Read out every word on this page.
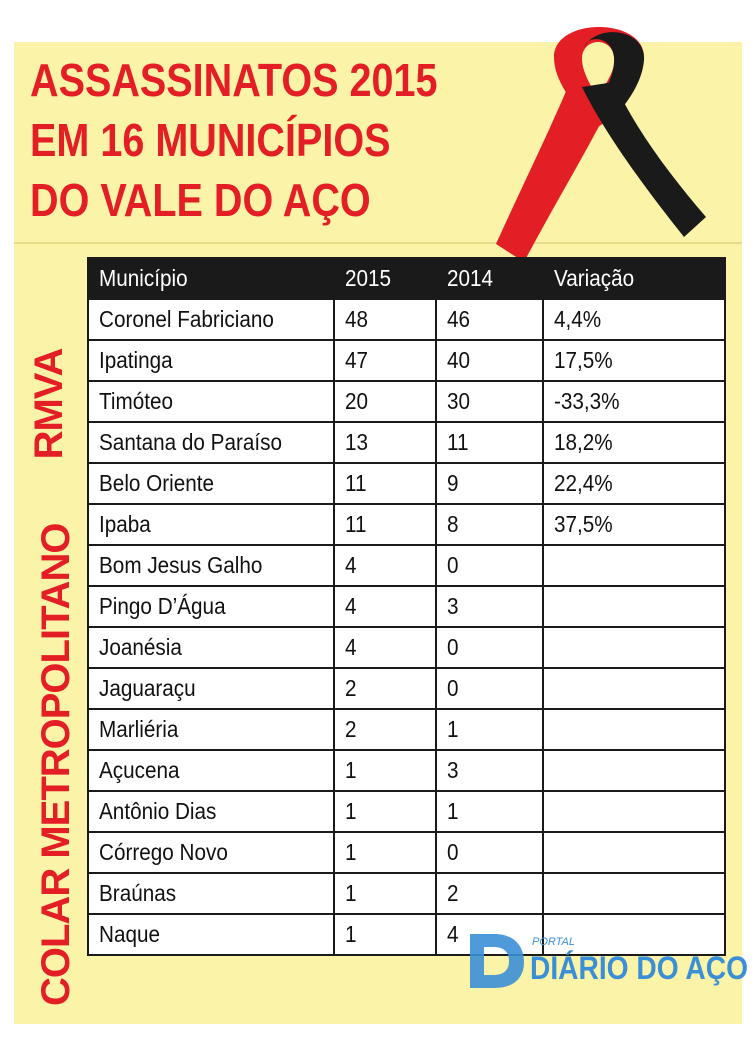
ASSASSINATOS 2015
EM 16 MUNICÍPIOS
DO VALE DO AÇO
RMVA
COLAR METROPOLITANO
Município	2015	2014	Variação
Coronel Fabriciano	48	46	4,4%
Ipatinga	47	40	17,5%
Timóteo	20	30	-33,3%
Santana do Paraíso	13	11	18,2%
Belo Oriente	11	9	22,4%
Ipaba	11	8	37,5%
Bom Jesus Galho	4	0	
Pingo D’Água	4	3	
Joanésia	4	0	
Jaguaraçu	2	0	
Marliéria	2	1	
Açucena	1	3	
Antônio Dias	1	1	
Córrego Novo	1	0	
Braúnas	1	2	
Naque	1	4		PORTAL
DIÁRIO DO AÇO
